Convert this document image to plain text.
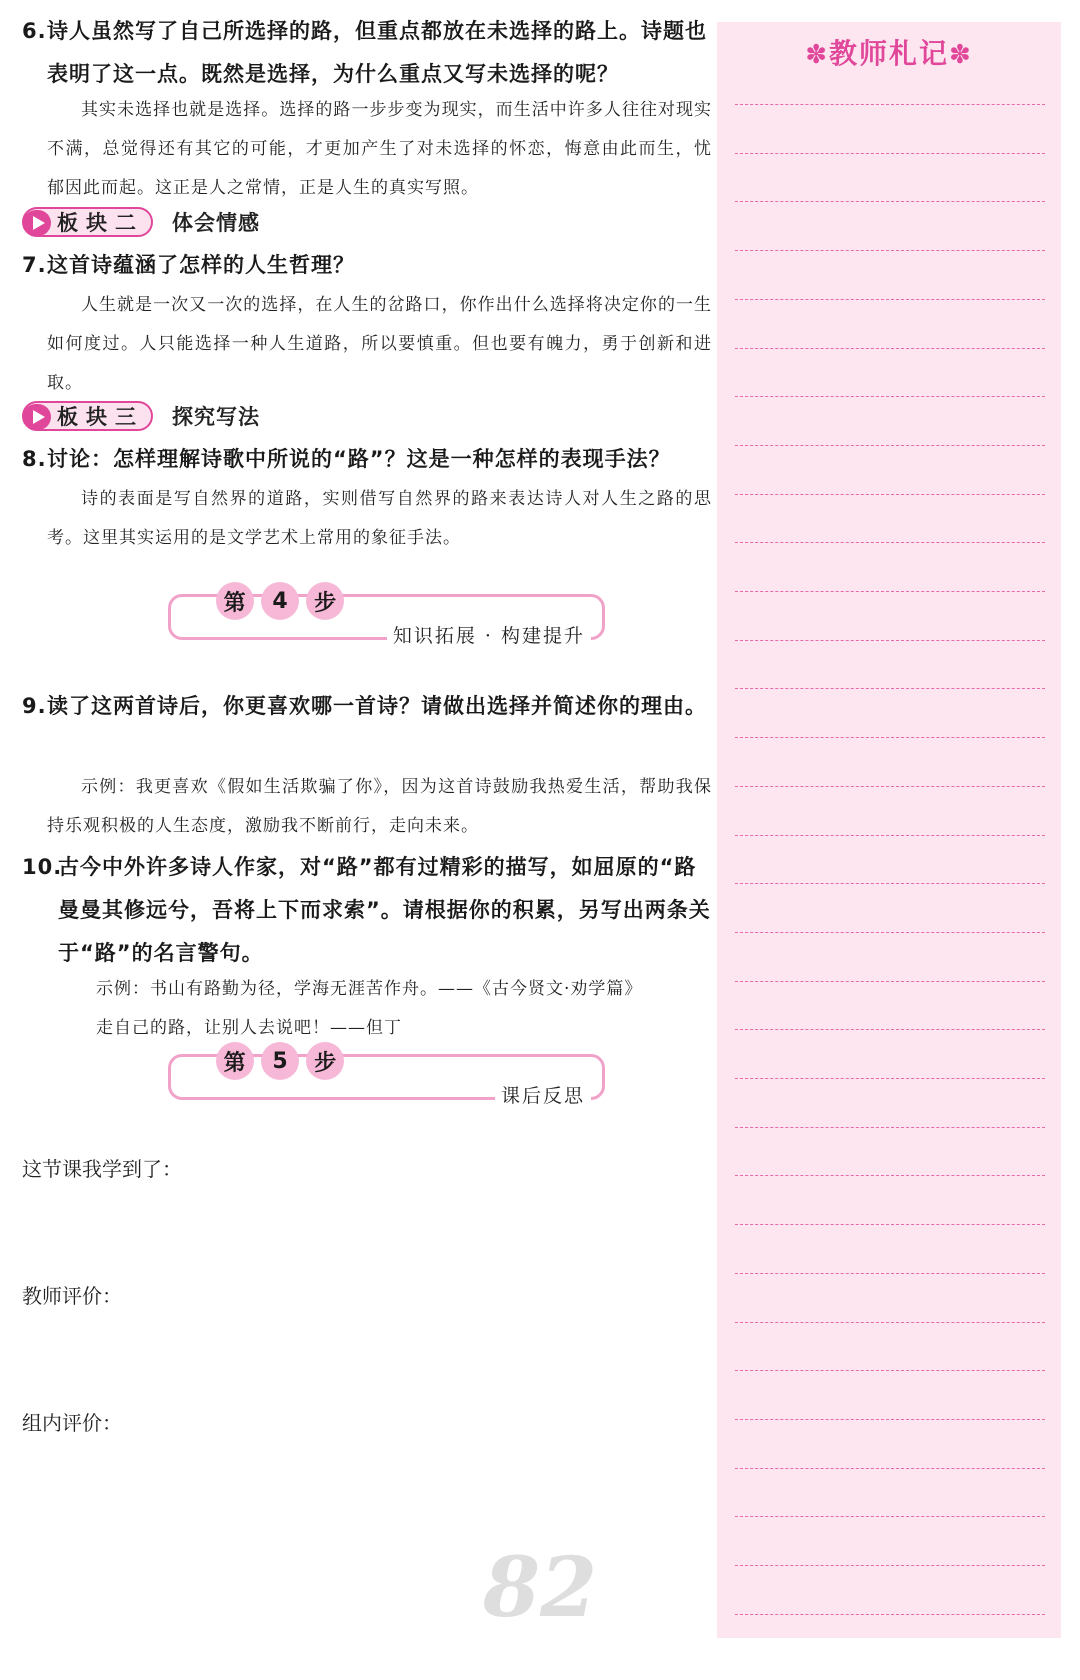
6. 诗人虽然写了自己所选择的路，但重点都放在未选择的路上。诗题也表明了这一点。既然是选择，为什么重点又写未选择的呢？
其实未选择也就是选择。选择的路一步步变为现实，而生活中许多人往往对现实不满，总觉得还有其它的可能，才更加产生了对未选择的怀恋，悔意由此而生，忧郁因此而起。这正是人之常情，正是人生的真实写照。
板块二 体会情感
7. 这首诗蕴涵了怎样的人生哲理？
人生就是一次又一次的选择，在人生的岔路口，你作出什么选择将决定你的一生如何度过。人只能选择一种人生道路，所以要慎重。但也要有魄力，勇于创新和进取。
板块三 探究写法
8. 讨论：怎样理解诗歌中所说的“路”？这是一种怎样的表现手法？
诗的表面是写自然界的道路，实则借写自然界的路来表达诗人对人生之路的思考。这里其实运用的是文学艺术上常用的象征手法。
第	4	步
知识拓展 · 构建提升
9. 读了这两首诗后，你更喜欢哪一首诗？请做出选择并简述你的理由。
示例：我更喜欢《假如生活欺骗了你》，因为这首诗鼓励我热爱生活，帮助我保持乐观积极的人生态度，激励我不断前行，走向未来。
10.
古今中外许多诗人作家，对“路”都有过精彩的描写，如屈原的“路曼曼其修远兮，吾将上下而求索”。请根据你的积累，另写出两条关于“路”的名言警句。
示例：书山有路勤为径，学海无涯苦作舟。——《古今贤文·劝学篇》
走自己的路，让别人去说吧！——但丁
第	5	步
课后反思
这节课我学到了：
教师评价：
组内评价：
82
✽教师札记✽
